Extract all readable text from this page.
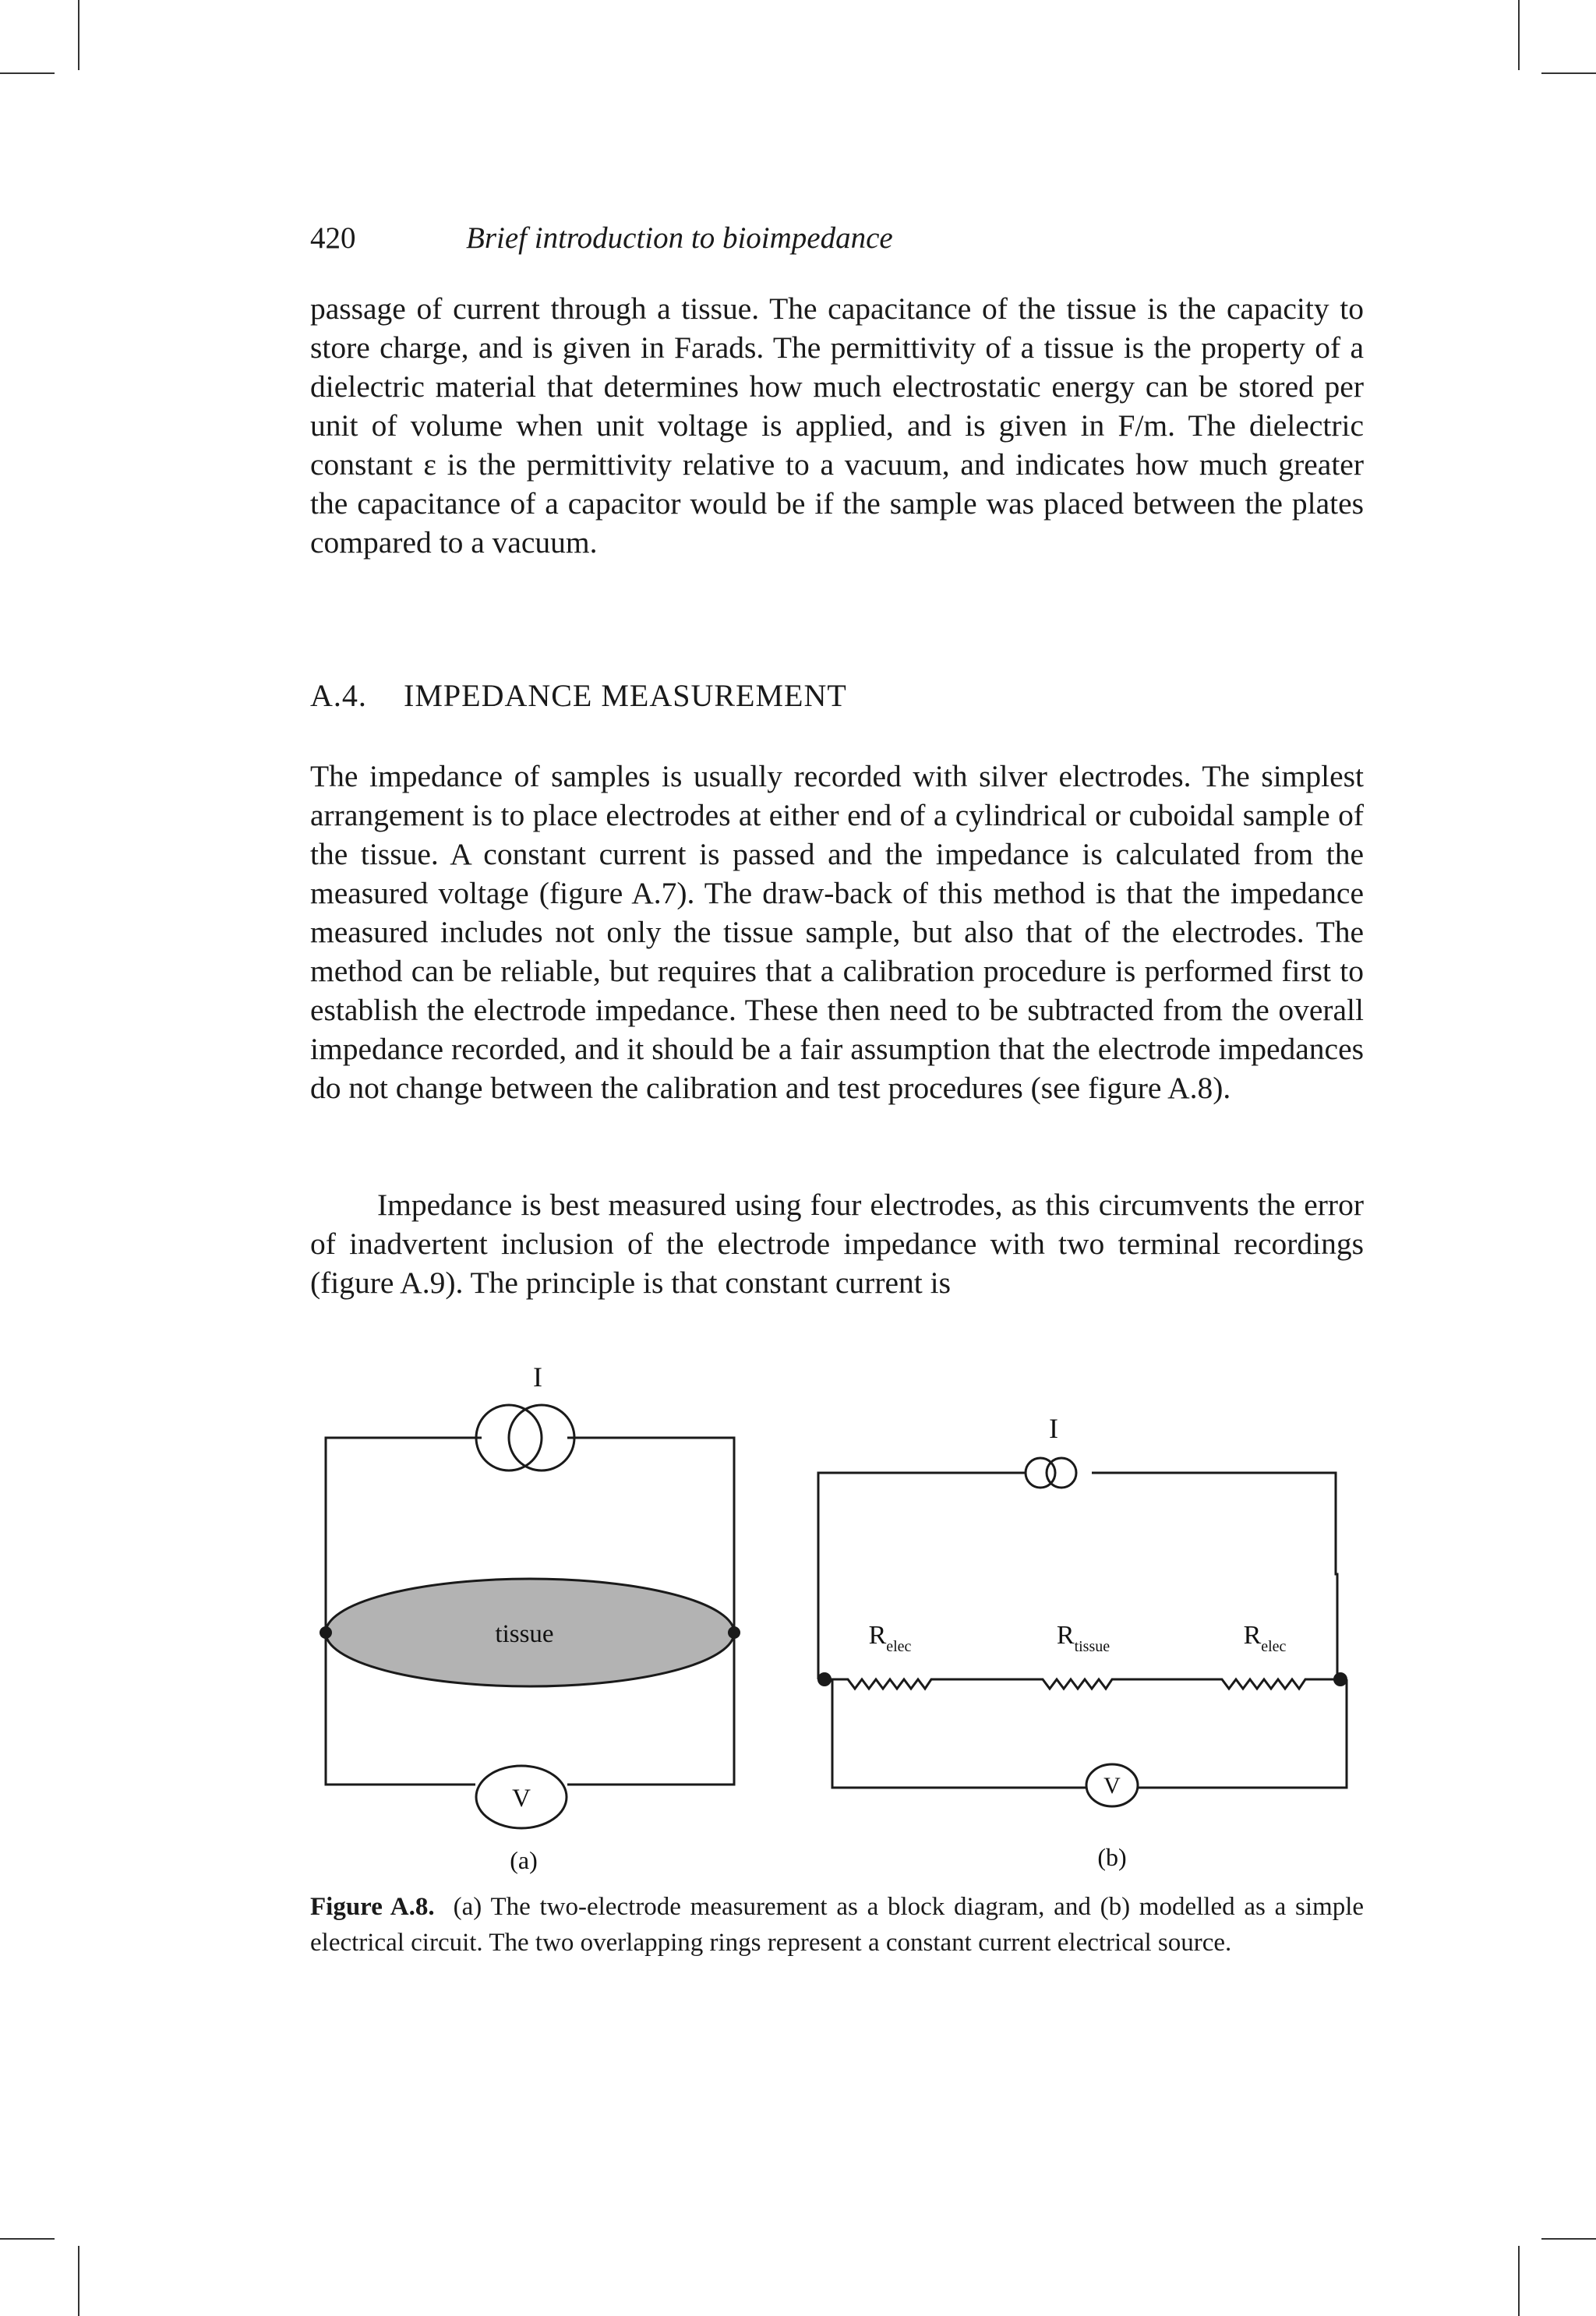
420	Brief introduction to bioimpedance

passage of current through a tissue. The capacitance of the tissue is the capacity to store charge, and is given in Farads. The permittivity of a tissue is the property of a dielectric material that determines how much electrostatic energy can be stored per unit of volume when unit voltage is applied, and is given in F/m. The dielectric constant ε is the permittivity relative to a vacuum, and indicates how much greater the capacitance of a capacitor would be if the sample was placed between the plates compared to a vacuum.

A.4. IMPEDANCE MEASUREMENT

The impedance of samples is usually recorded with silver electrodes. The simplest arrangement is to place electrodes at either end of a cylindrical or cuboidal sample of the tissue. A constant current is passed and the impedance is calculated from the measured voltage (figure A.7). The draw-back of this method is that the impedance measured includes not only the tissue sample, but also that of the electrodes. The method can be reliable, but requires that a calibration procedure is performed first to establish the electrode impedance. These then need to be subtracted from the overall impedance recorded, and it should be a fair assumption that the electrode impedances do not change between the calibration and test procedures (see figure A.8).

Impedance is best measured using four electrodes, as this circumvents the error of inadvertent inclusion of the electrode impedance with two terminal recordings (figure A.9). The principle is that constant current is

I
tissue
V
(a)
I
$R_{elec}$	$R_{tissue}$	$R_{elec}$
V
(b)

Figure A.8. (a) The two-electrode measurement as a block diagram, and (b) modelled as a simple electrical circuit. The two overlapping rings represent a constant current electrical source.
